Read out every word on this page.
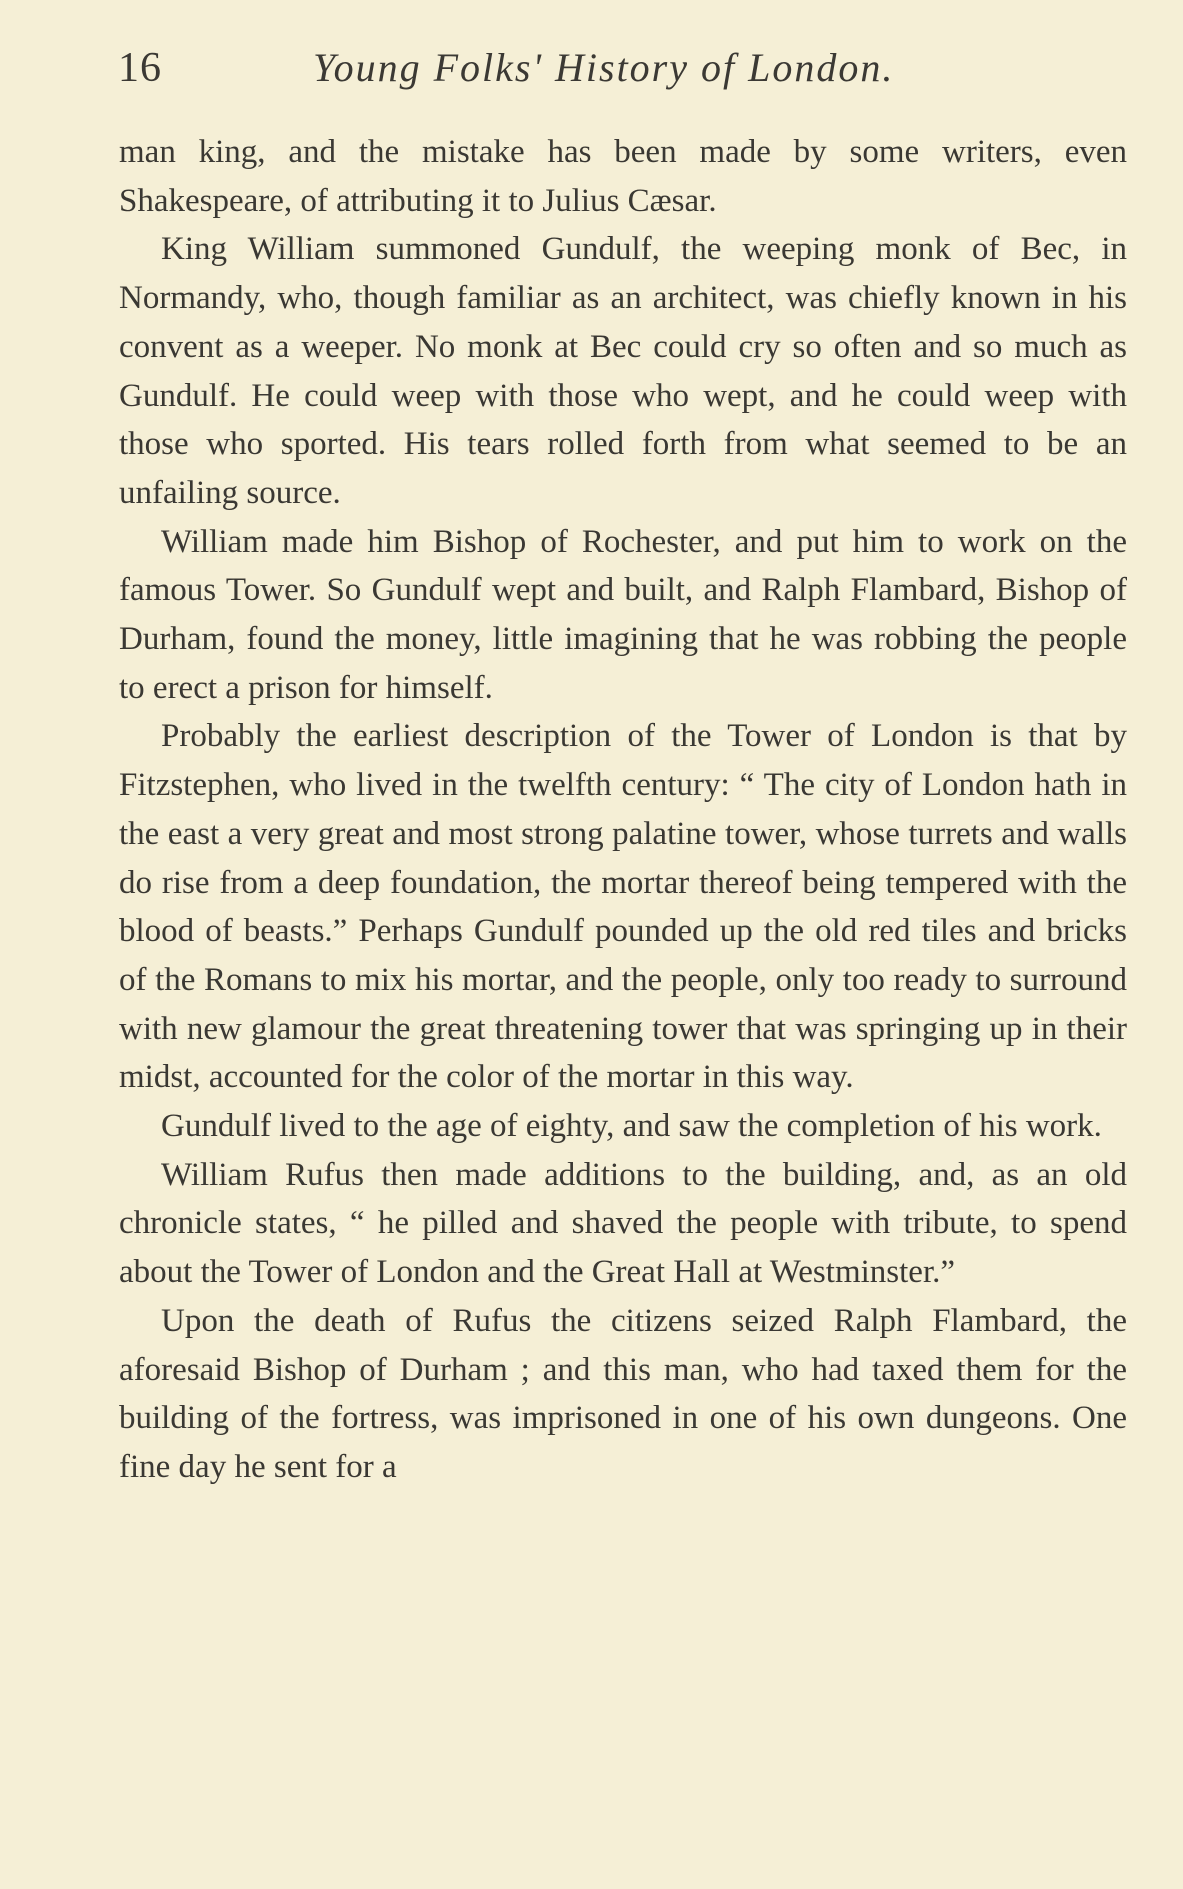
16	Young Folks' History of London.

man king, and the mistake has been made by some writers, even Shakespeare, of attributing it to Julius Cæsar.

King William summoned Gundulf, the weeping monk of Bec, in Normandy, who, though familiar as an architect, was chiefly known in his convent as a weeper. No monk at Bec could cry so often and so much as Gundulf. He could weep with those who wept, and he could weep with those who sported. His tears rolled forth from what seemed to be an unfailing source.

William made him Bishop of Rochester, and put him to work on the famous Tower. So Gundulf wept and built, and Ralph Flambard, Bishop of Durham, found the money, little imagining that he was robbing the people to erect a prison for himself.

Probably the earliest description of the Tower of London is that by Fitzstephen, who lived in the twelfth century: “ The city of London hath in the east a very great and most strong palatine tower, whose turrets and walls do rise from a deep foundation, the mortar thereof being tempered with the blood of beasts.” Perhaps Gundulf pounded up the old red tiles and bricks of the Romans to mix his mortar, and the people, only too ready to surround with new glamour the great threatening tower that was springing up in their midst, accounted for the color of the mortar in this way.

Gundulf lived to the age of eighty, and saw the completion of his work.

William Rufus then made additions to the building, and, as an old chronicle states, “ he pilled and shaved the people with tribute, to spend about the Tower of London and the Great Hall at Westminster.”

Upon the death of Rufus the citizens seized Ralph Flambard, the aforesaid Bishop of Durham ; and this man, who had taxed them for the building of the fortress, was imprisoned in one of his own dungeons. One fine day he sent for a
